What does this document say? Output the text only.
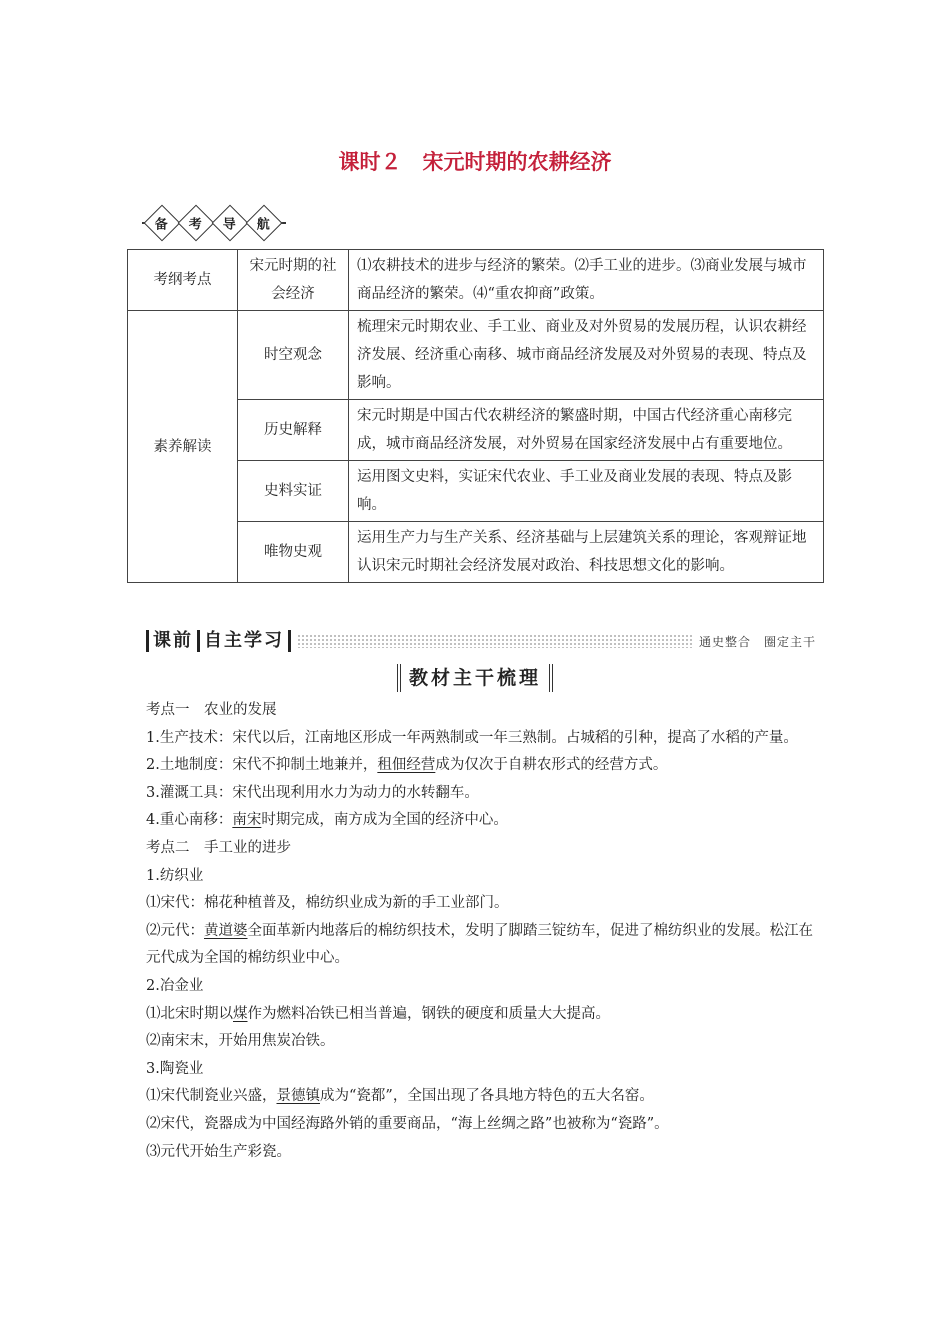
课时２　宋元时期的农耕经济
备 考 导 航
考纲考点	宋元时期的社会经济	⑴农耕技术的进步与经济的繁荣。⑵手工业的进步。⑶商业发展与城市商品经济的繁荣。⑷“重农抑商”政策。
素养解读	时空观念	梳理宋元时期农业、手工业、商业及对外贸易的发展历程，认识农耕经济发展、经济重心南移、城市商品经济发展及对外贸易的表现、特点及影响。
	历史解释	宋元时期是中国古代农耕经济的繁盛时期，中国古代经济重心南移完成，城市商品经济发展，对外贸易在国家经济发展中占有重要地位。
	史料实证	运用图文史料，实证宋代农业、手工业及商业发展的表现、特点及影响。
	唯物史观	运用生产力与生产关系、经济基础与上层建筑关系的理论，客观辩证地认识宋元时期社会经济发展对政治、科技思想文化的影响。
课前 自主学习	通史整合　圈定主干
教材主干梳理

考点一　农业的发展

1.生产技术：宋代以后，江南地区形成一年两熟制或一年三熟制。占城稻的引种，提高了水稻的产量。

2.土地制度：宋代不抑制土地兼并，租佃经营成为仅次于自耕农形式的经营方式。

3.灌溉工具：宋代出现利用水力为动力的水转翻车。

4.重心南移：南宋时期完成，南方成为全国的经济中心。

考点二　手工业的进步

1.纺织业

⑴宋代：棉花种植普及，棉纺织业成为新的手工业部门。

⑵元代：黄道婆全面革新内地落后的棉纺织技术，发明了脚踏三锭纺车，促进了棉纺织业的发展。松江在元代成为全国的棉纺织业中心。

2.冶金业

⑴北宋时期以煤作为燃料冶铁已相当普遍，钢铁的硬度和质量大大提高。

⑵南宋末，开始用焦炭冶铁。

3.陶瓷业

⑴宋代制瓷业兴盛，景德镇成为“瓷都”，全国出现了各具地方特色的五大名窑。

⑵宋代，瓷器成为中国经海路外销的重要商品，“海上丝绸之路”也被称为“瓷路”。

⑶元代开始生产彩瓷。
